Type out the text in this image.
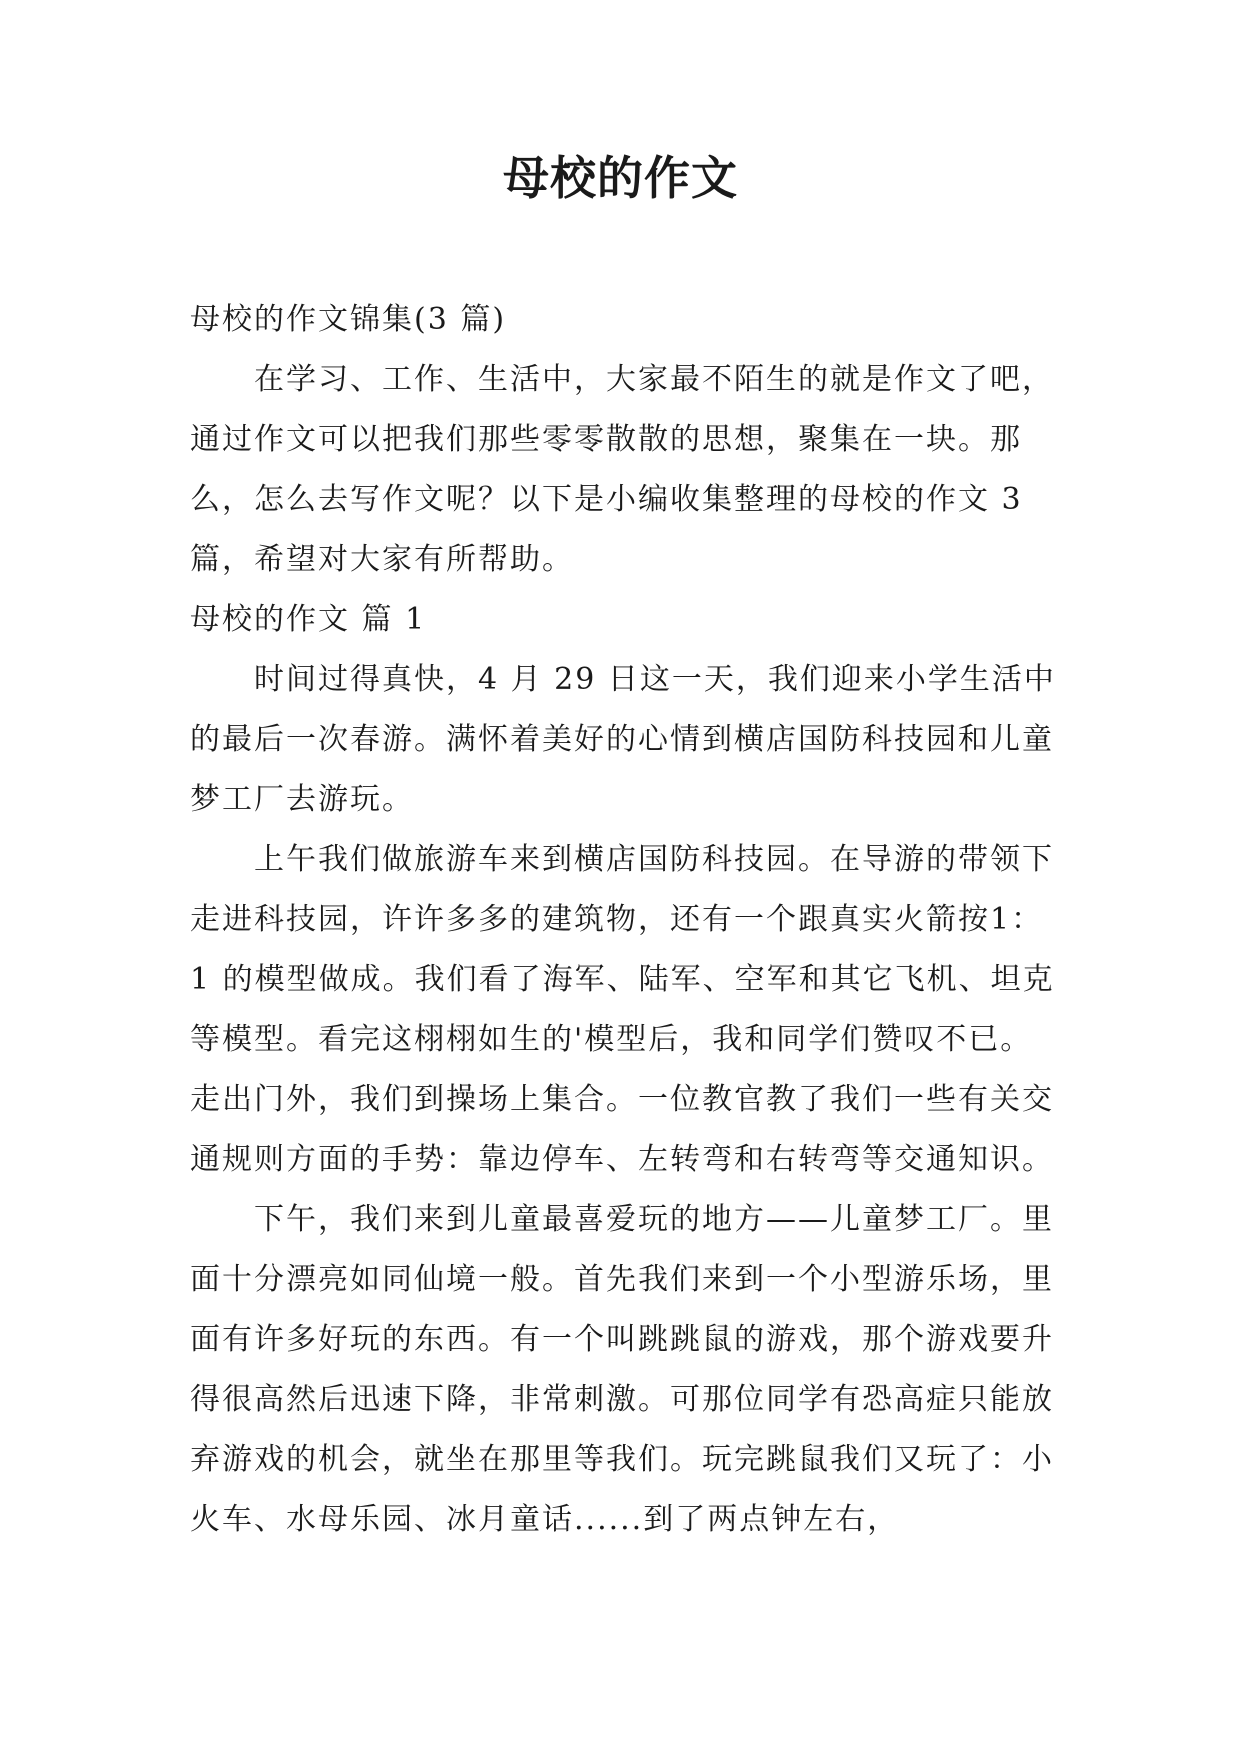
母校的作文

母校的作文锦集(3 篇)

在学习、工作、生活中，大家最不陌生的就是作文了吧，通过作文可以把我们那些零零散散的思想，聚集在一块。那么，怎么去写作文呢？以下是小编收集整理的母校的作文 3 篇，希望对大家有所帮助。

母校的作文 篇 1

时间过得真快，4 月 29 日这一天，我们迎来小学生活中的最后一次春游。满怀着美好的心情到横店国防科技园和儿童梦工厂去游玩。

上午我们做旅游车来到横店国防科技园。在导游的带领下走进科技园，许许多多的建筑物，还有一个跟真实火箭按1：1 的模型做成。我们看了海军、陆军、空军和其它飞机、坦克等模型。看完这栩栩如生的'模型后，我和同学们赞叹不已。走出门外，我们到操场上集合。一位教官教了我们一些有关交通规则方面的手势：靠边停车、左转弯和右转弯等交通知识。

下午，我们来到儿童最喜爱玩的地方——儿童梦工厂。里面十分漂亮如同仙境一般。首先我们来到一个小型游乐场，里面有许多好玩的东西。有一个叫跳跳鼠的游戏，那个游戏要升得很高然后迅速下降，非常刺激。可那位同学有恐高症只能放弃游戏的机会，就坐在那里等我们。玩完跳鼠我们又玩了：小火车、水母乐园、冰月童话......到了两点钟左右，
